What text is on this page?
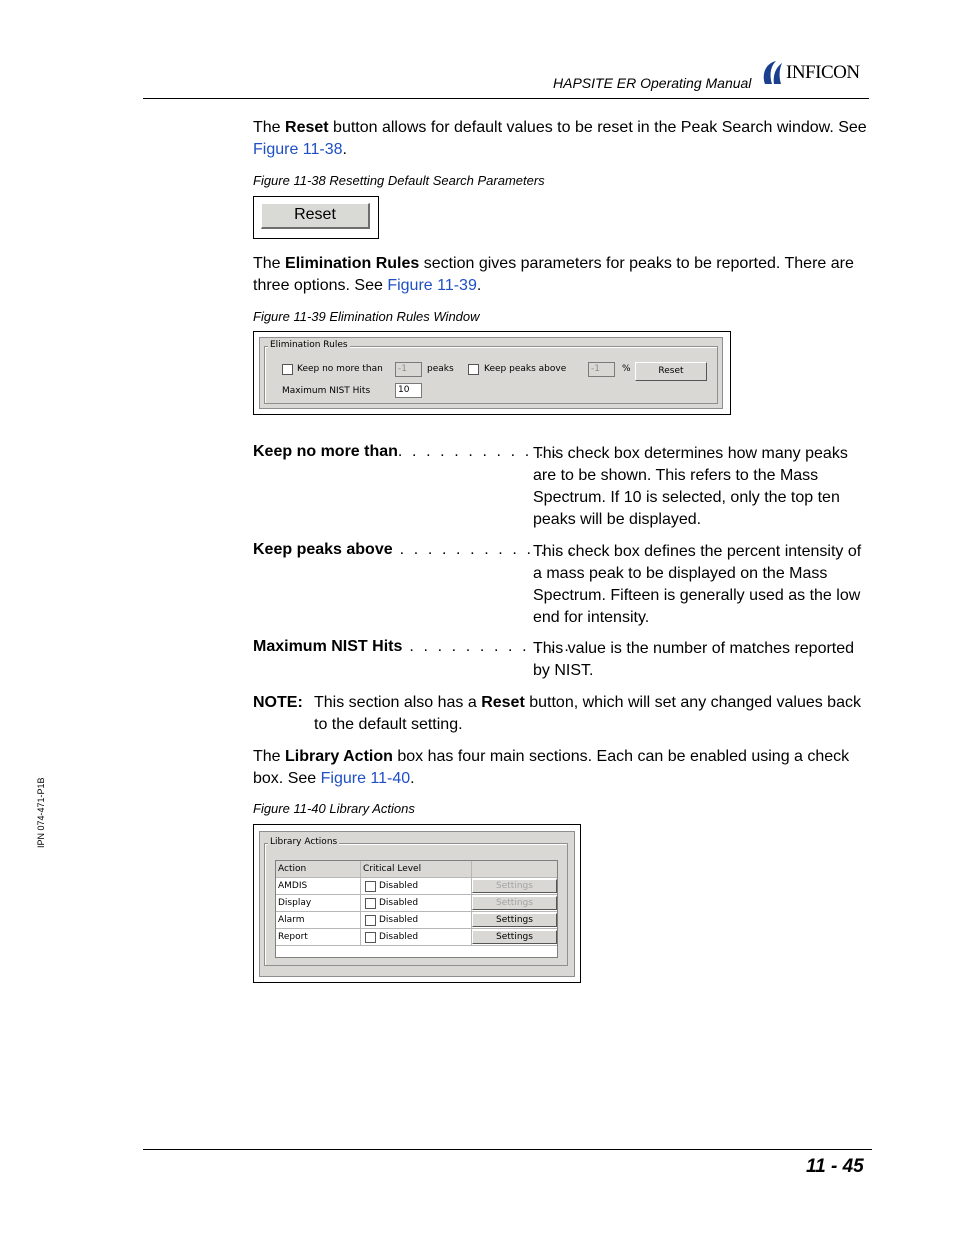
HAPSITE ER Operating Manual INFICON
The Reset button allows for default values to be reset in the Peak Search window. See Figure 11-38.
Figure 11-38 Resetting Default Search Parameters
Reset
The Elimination Rules section gives parameters for peaks to be reported. There are three options. See Figure 11-39.
Figure 11-39 Elimination Rules Window
Elimination Rules
Keep no more than	-1	peaks	Keep peaks above	-1	%	Reset
Maximum NIST Hits	10
Keep no more than. . . . . . . . . . . . .
This check box determines how many peaks are to be shown. This refers to the Mass Spectrum. If 10 is selected, only the top ten peaks will be displayed.
Keep peaks above . . . . . . . . . . . . .
This check box defines the percent intensity of a mass peak to be displayed on the Mass Spectrum. Fifteen is generally used as the low end for intensity.
Maximum NIST Hits . . . . . . . . . . . .
This value is the number of matches reported by NIST.
NOTE: This section also has a Reset button, which will set any changed values back to the default setting.
The Library Action box has four main sections. Each can be enabled using a check box. See Figure 11-40.
Figure 11-40 Library Actions
Library Actions
Action	Critical Level
AMDIS	Disabled	Settings
Display	Disabled	Settings
Alarm	Disabled	Settings
Report	Disabled	Settings
IPN 074-471-P1B
11 - 45
